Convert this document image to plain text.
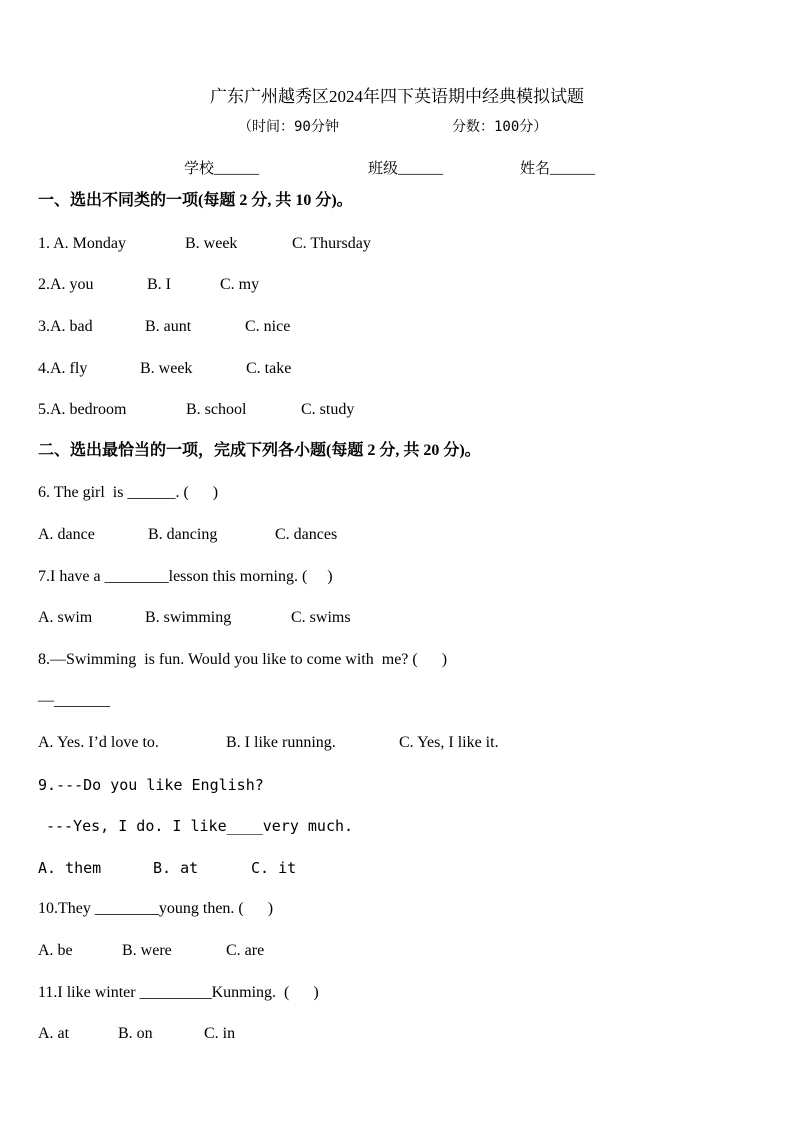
广东广州越秀区2024年四下英语期中经典模拟试题
（时间：90分钟	分数：100分）
学校______	班级______	姓名______
一、选出不同类的一项(每题 2 分, 共 10 分)。
1. A. Monday	B. week	C. Thursday
2.A. you	B. I	C. my
3.A. bad	B. aunt	C. nice
4.A. fly	B. week	C. take
5.A. bedroom	B. school	C. study
二、选出最恰当的一项，完成下列各小题(每题 2 分, 共 20 分)。
6. The girl  is ______. (      )
A. dance	B. dancing	C. dances
7.I have a ________lesson this morning. (     )
A. swim	B. swimming	C. swims
8.—Swimming  is fun. Would you like to come with  me? (      )
—_______
A. Yes. I’d love to.	B. I like running.	C. Yes, I like it.
9.---Do you like English?
---Yes, I do. I like____very much.
A. them	B. at	C. it
10.They ________young then. (      )
A. be	B. were	C. are
11.I like winter _________Kunming.  (      )
A. at	B. on	C. in
